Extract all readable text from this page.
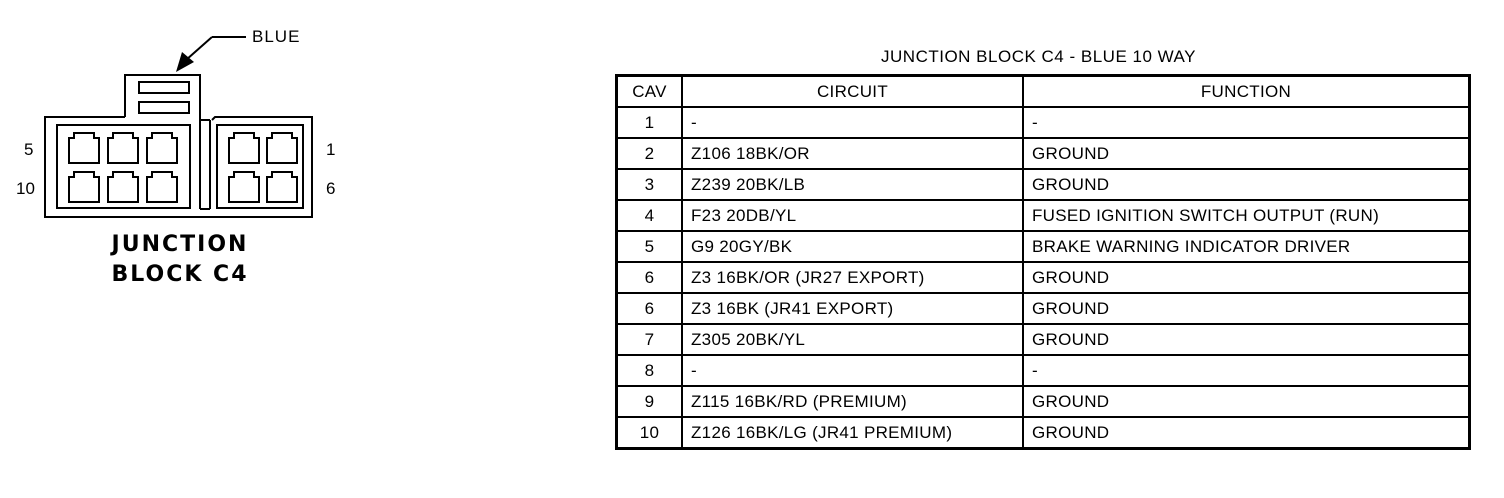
BLUE
5
10
1
6
JUNCTION
BLOCK C4
JUNCTION BLOCK C4 - BLUE 10 WAY
CAV	CIRCUIT	FUNCTION
1	-	-
2	Z106 18BK/OR	GROUND
3	Z239 20BK/LB	GROUND
4	F23 20DB/YL	FUSED IGNITION SWITCH OUTPUT (RUN)
5	G9 20GY/BK	BRAKE WARNING INDICATOR DRIVER
6	Z3 16BK/OR (JR27 EXPORT)	GROUND
6	Z3 16BK (JR41 EXPORT)	GROUND
7	Z305 20BK/YL	GROUND
8	-	-
9	Z115 16BK/RD (PREMIUM)	GROUND
10	Z126 16BK/LG (JR41 PREMIUM)	GROUND
